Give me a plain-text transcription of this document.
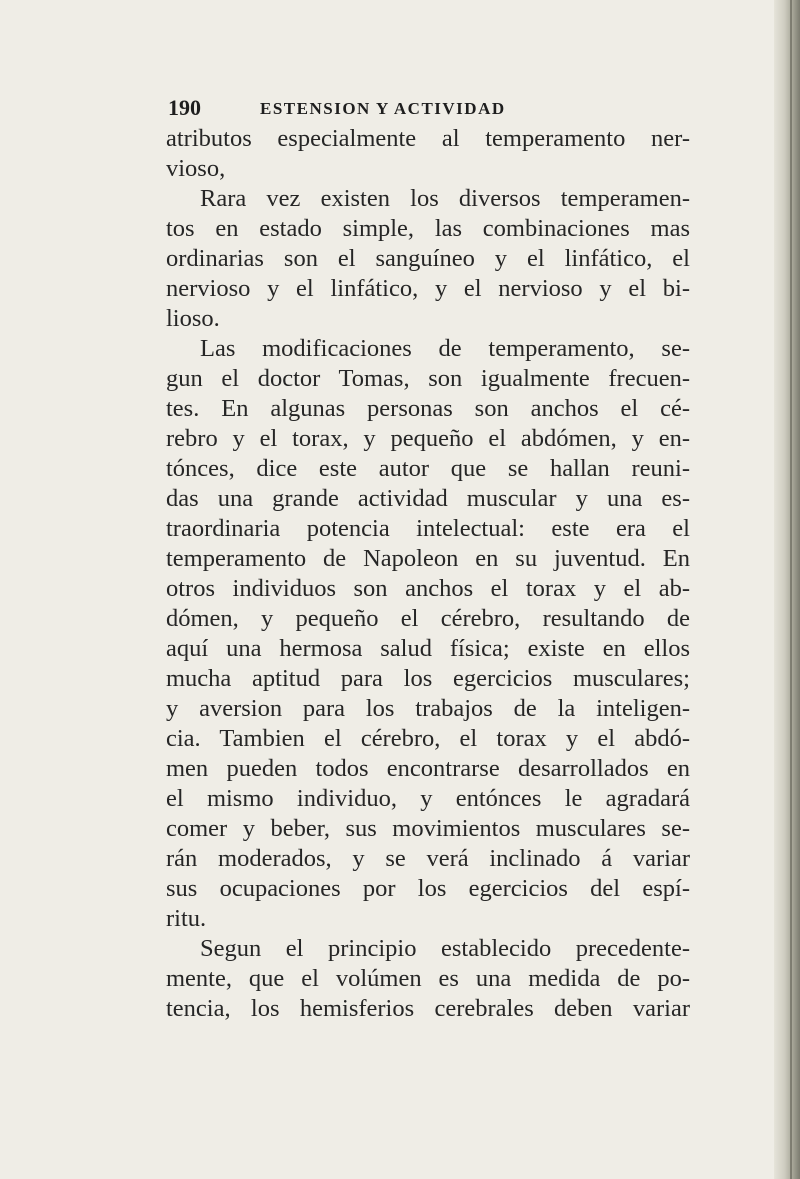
190	ESTENSION Y ACTIVIDAD
atributos especialmente al temperamento ner-
vioso,
Rara vez existen los diversos temperamen-
tos en estado simple, las combinaciones mas
ordinarias son el sanguíneo y el linfático, el
nervioso y el linfático, y el nervioso y el bi-
lioso.
Las modificaciones de temperamento, se-
gun el doctor Tomas, son igualmente frecuen-
tes. En algunas personas son anchos el cé-
rebro y el torax, y pequeño el abdómen, y en-
tónces, dice este autor que se hallan reuni-
das una grande actividad muscular y una es-
traordinaria potencia intelectual: este era el
temperamento de Napoleon en su juventud. En
otros individuos son anchos el torax y el ab-
dómen, y pequeño el cérebro, resultando de
aquí una hermosa salud física; existe en ellos
mucha aptitud para los egercicios musculares;
y aversion para los trabajos de la inteligen-
cia. Tambien el cérebro, el torax y el abdó-
men pueden todos encontrarse desarrollados en
el mismo individuo, y entónces le agradará
comer y beber, sus movimientos musculares se-
rán moderados, y se verá inclinado á variar
sus ocupaciones por los egercicios del espí-
ritu.
Segun el principio establecido precedente-
mente, que el volúmen es una medida de po-
tencia, los hemisferios cerebrales deben variar
